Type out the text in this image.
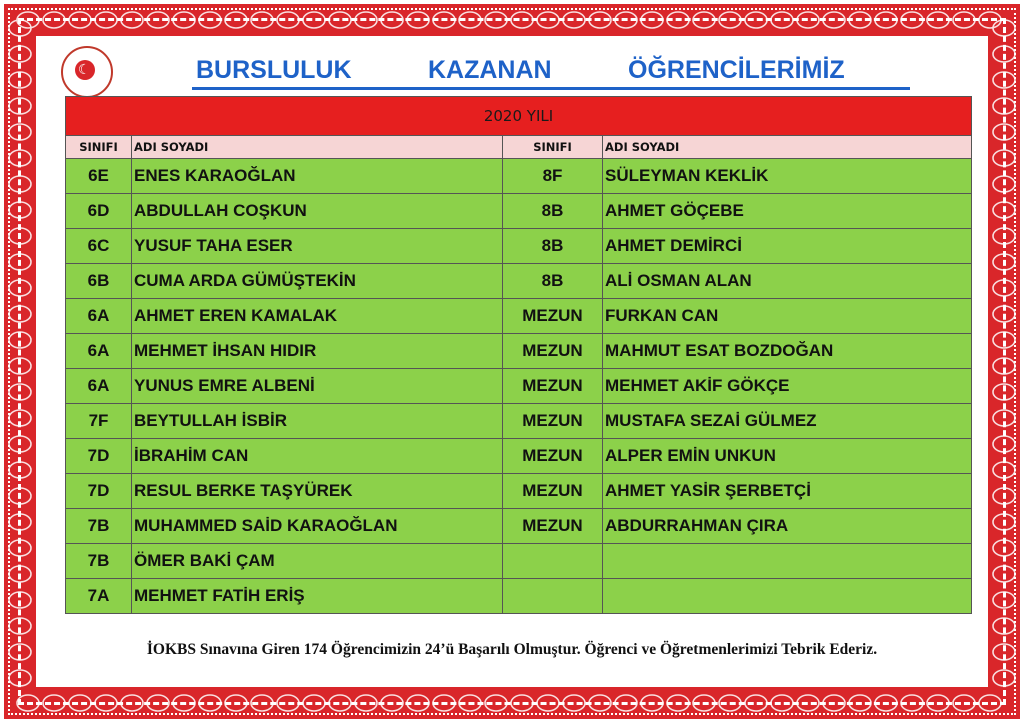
☾	BURSLULUK	KAZANAN	ÖĞRENCİLERİMİZ
2020 YILI			
SINIFI	ADI SOYADI	SINIFI	ADI SOYADI
6E	ENES KARAOĞLAN	8F	SÜLEYMAN KEKLİK
6D	ABDULLAH COŞKUN	8B	AHMET GÖÇEBE
6C	YUSUF TAHA ESER	8B	AHMET DEMİRCİ
6B	CUMA ARDA GÜMÜŞTEKİN	8B	ALİ OSMAN ALAN
6A	AHMET EREN KAMALAK	MEZUN	FURKAN CAN
6A	MEHMET İHSAN HIDIR	MEZUN	MAHMUT ESAT BOZDOĞAN
6A	YUNUS EMRE ALBENİ	MEZUN	MEHMET AKİF GÖKÇE
7F	BEYTULLAH İSBİR	MEZUN	MUSTAFA SEZAİ GÜLMEZ
7D	İBRAHİM CAN	MEZUN	ALPER EMİN UNKUN
7D	RESUL BERKE TAŞYÜREK	MEZUN	AHMET YASİR ŞERBETÇİ
7B	MUHAMMED SAİD KARAOĞLAN	MEZUN	ABDURRAHMAN ÇIRA
7B	ÖMER BAKİ ÇAM		
7A	MEHMET FATİH ERİŞ		
İOKBS Sınavına Giren 174 Öğrencimizin 24’ü Başarılı Olmuştur. Öğrenci ve Öğretmenlerimizi Tebrik Ederiz.
